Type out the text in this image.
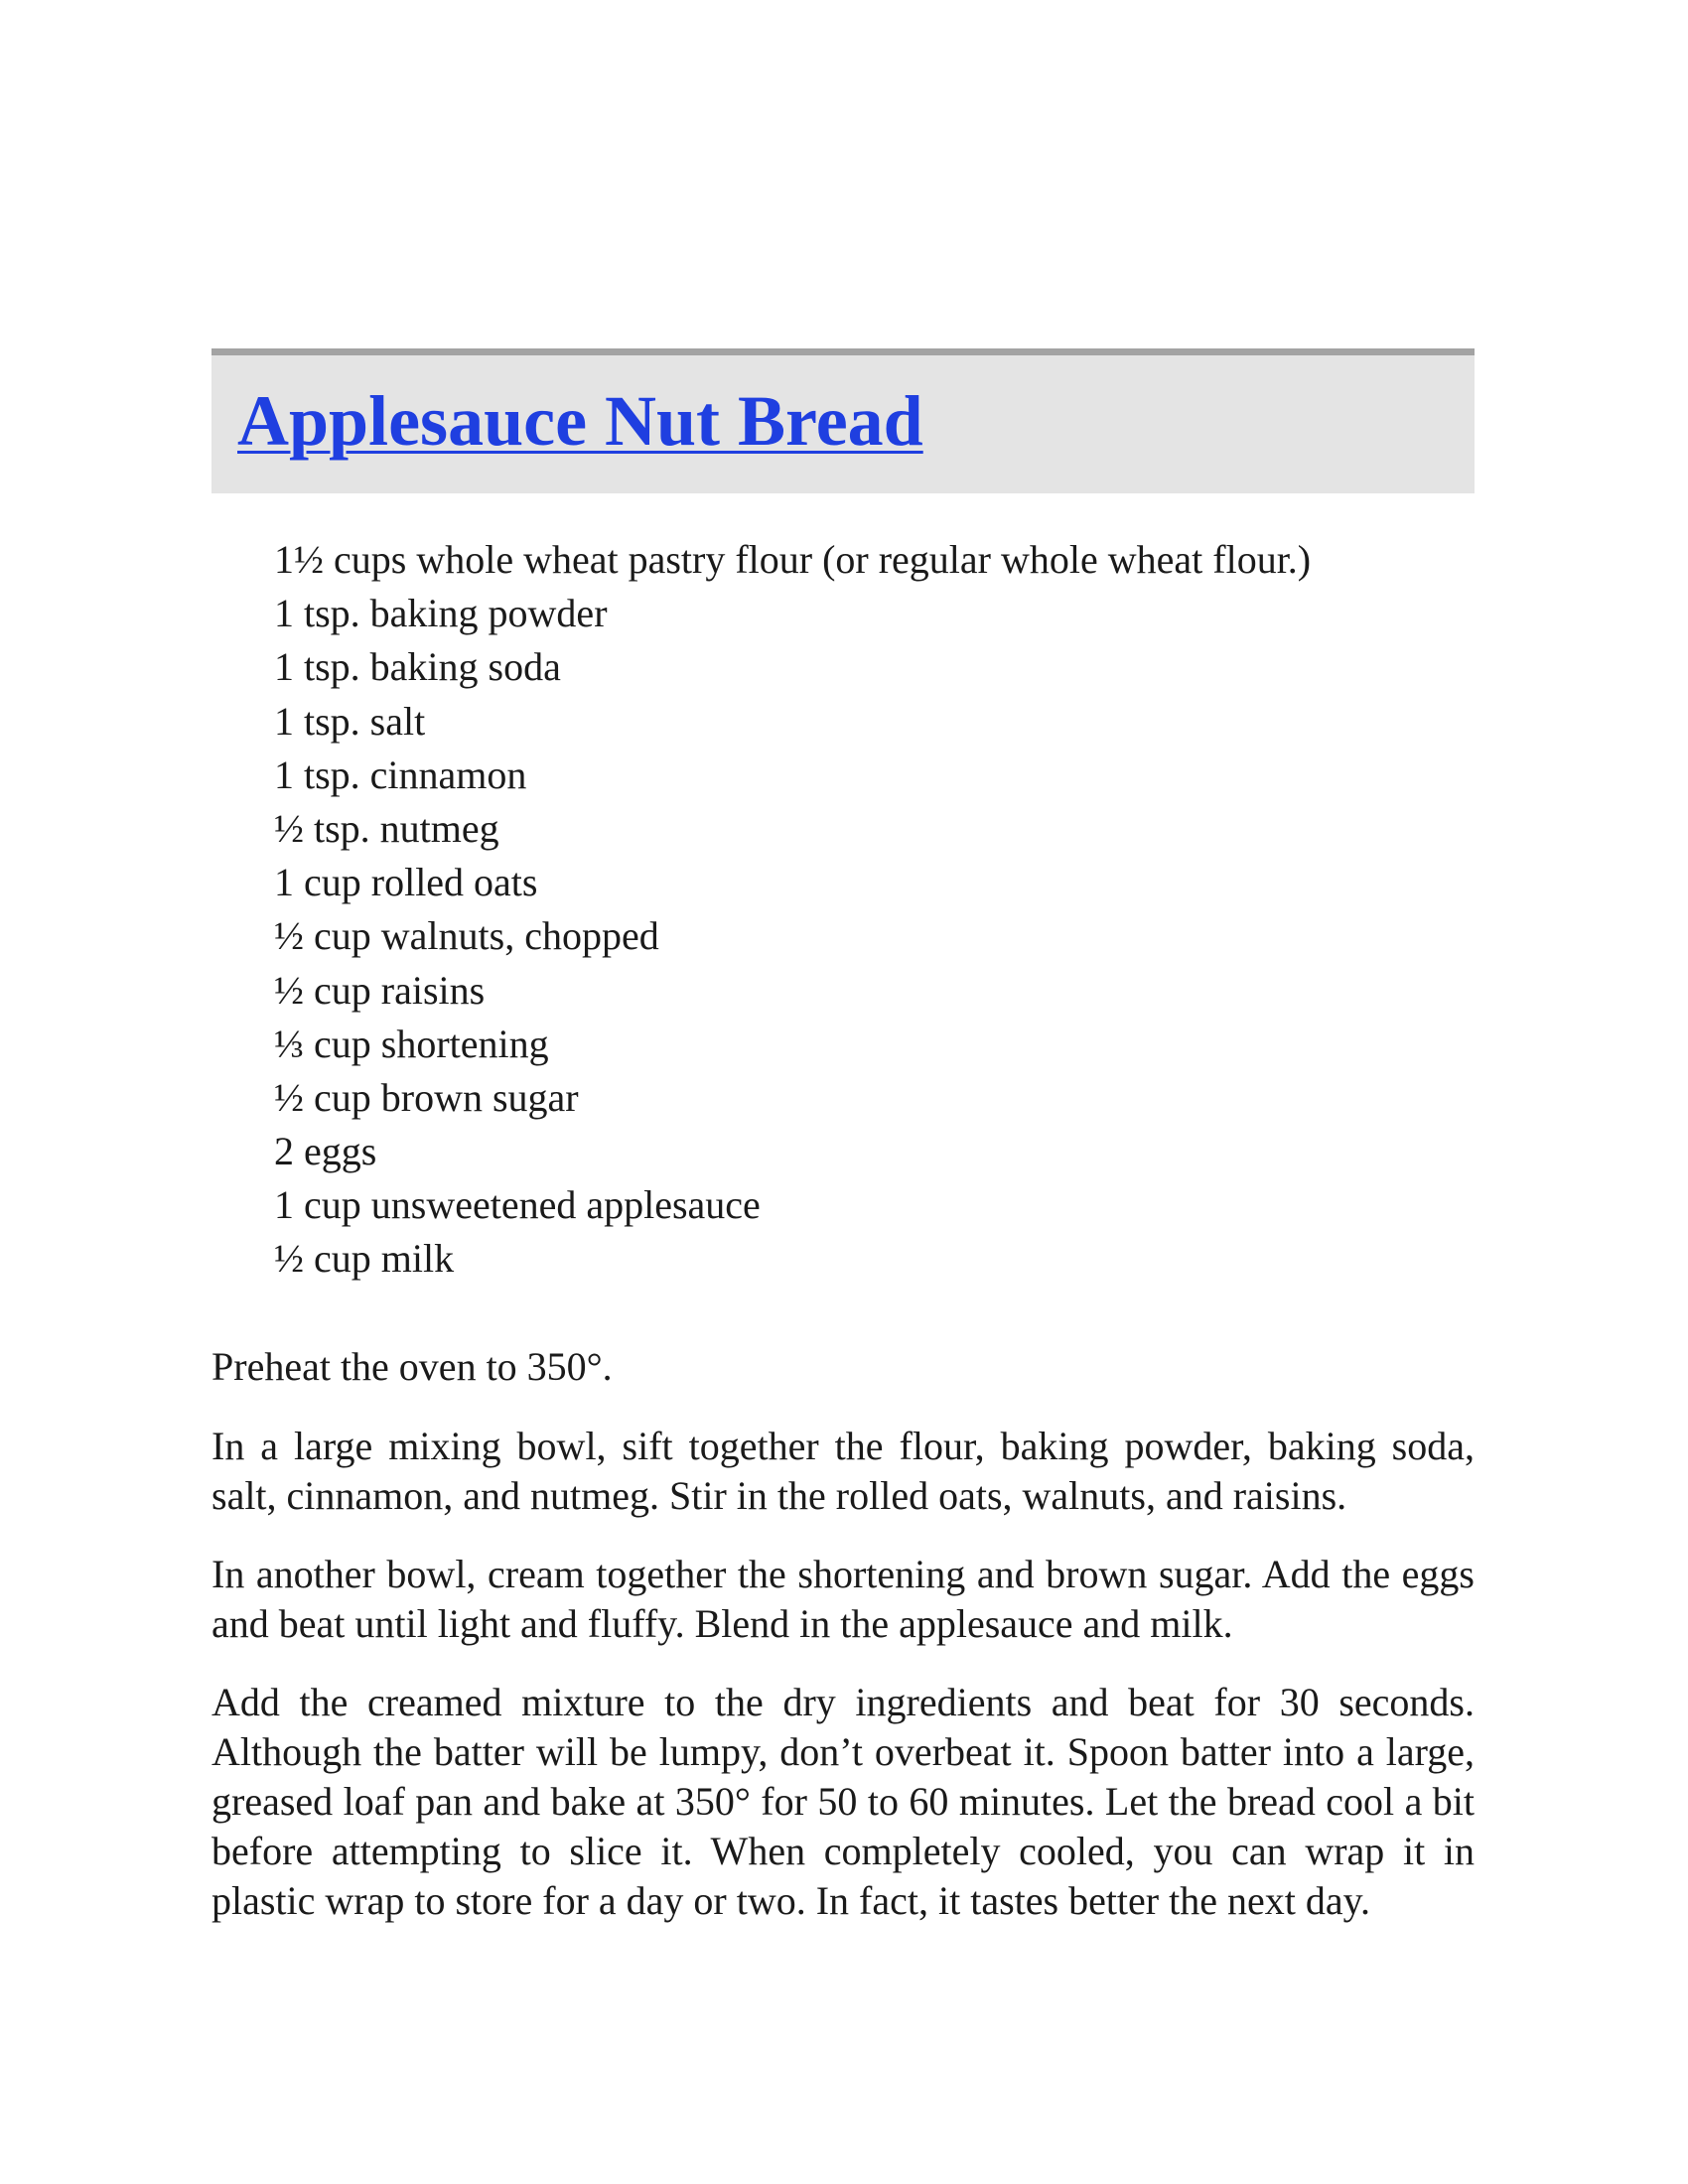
Applesauce Nut Bread
1½ cups whole wheat pastry flour (or regular whole wheat flour.)
1 tsp. baking powder
1 tsp. baking soda
1 tsp. salt
1 tsp. cinnamon
½ tsp. nutmeg
1 cup rolled oats
½ cup walnuts, chopped
½ cup raisins
⅓ cup shortening
½ cup brown sugar
2 eggs
1 cup unsweetened applesauce
½ cup milk

Preheat the oven to 350°.

In a large mixing bowl, sift together the flour, baking powder, baking soda, salt, cinnamon, and nutmeg. Stir in the rolled oats, walnuts, and raisins.

In another bowl, cream together the shortening and brown sugar. Add the eggs and beat until light and fluffy. Blend in the applesauce and milk.

Add the creamed mixture to the dry ingredients and beat for 30 seconds. Although the batter will be lumpy, don’t overbeat it. Spoon batter into a large, greased loaf pan and bake at 350° for 50 to 60 minutes. Let the bread cool a bit before attempting to slice it. When completely cooled, you can wrap it in plastic wrap to store for a day or two. In fact, it tastes better the next day.
